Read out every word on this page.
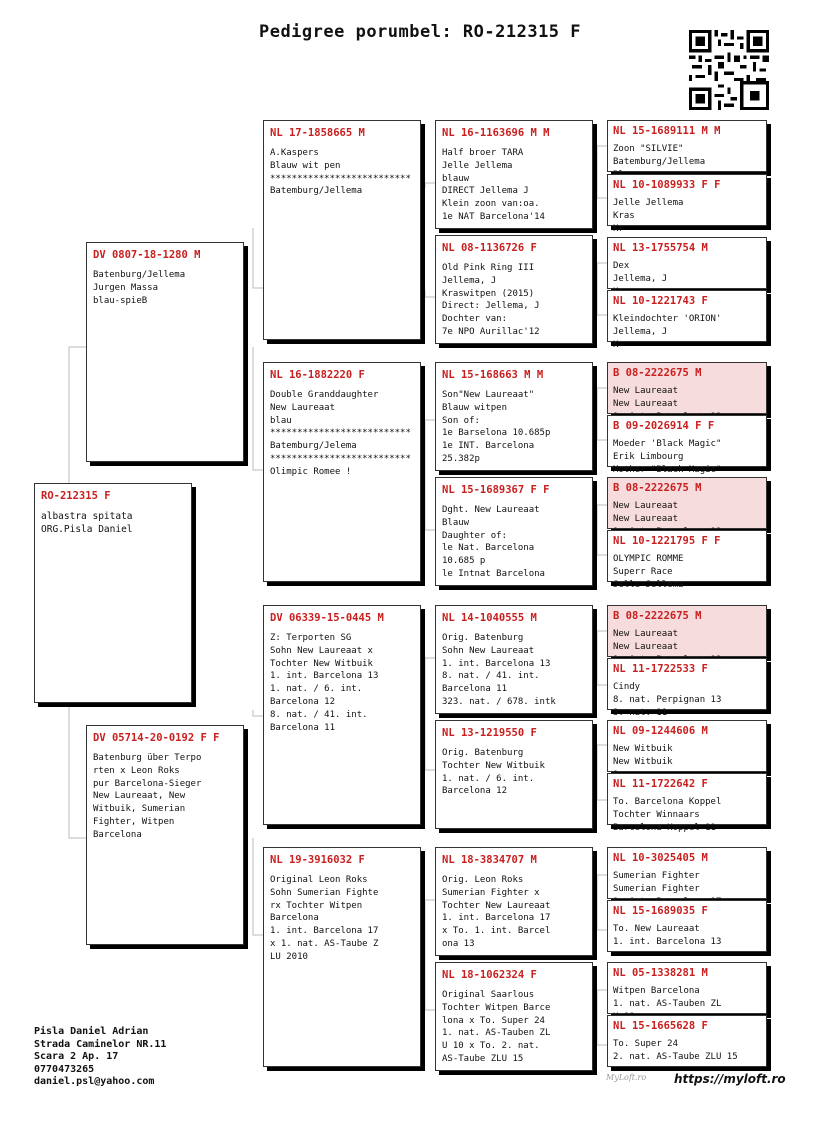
Pedigree porumbel: RO-212315 F
RO-212315 F
albastra spitata
ORG.Pisla Daniel
DV 0807-18-1280 M
Batenburg/Jellema
Jurgen Massa
blau-spieB
DV 05714-20-0192 F F
Batenburg über Terpo
rten x Leon Roks
pur Barcelona-Sieger
New Laureaat, New
Witbuik, Sumerian
Fighter, Witpen
Barcelona
NL 17-1858665 M
A.Kaspers
Blauw wit pen
**************************
Batemburg/Jellema
NL 16-1882220 F
Double Granddaughter
New Laureaat
blau
**************************
Batemburg/Jelema
**************************
Olimpic Romee !
DV 06339-15-0445 M
Z: Terporten SG
Sohn New Laureaat x
Tochter New Witbuik
1. int. Barcelona 13
1. nat. / 6. int.
Barcelona 12
8. nat. / 41. int.
Barcelona 11
NL 19-3916032 F
Original Leon Roks
Sohn Sumerian Fighte
rx Tochter Witpen
Barcelona
1. int. Barcelona 17
x 1. nat. AS-Taube Z
LU 2010
NL 16-1163696 M M
Half broer TARA
Jelle Jellema
blauw
DIRECT Jellema J
Klein zoon van:oa.
1e NAT Barcelona'14
NL 08-1136726 F
Old Pink Ring III
Jellema, J
Kraswitpen (2015)
Direct: Jellema, J
Dochter van:
7e NPO Aurillac'12
NL 15-168663 M M
Son"New Laureaat"
Blauw witpen
Son of:
1e Barselona 10.685p
1e INT. Barcelona
25.382p
NL 15-1689367 F F
Dght. New Laureaat
Blauw
Daughter of:
le Nat. Barcelona
10.685 p
le Intnat Barcelona
NL 14-1040555 M
Orig. Batenburg
Sohn New Laureaat
1. int. Barcelona 13
8. nat. / 41. int.
Barcelona 11
323. nat. / 678. intk
NL 13-1219550 F
Orig. Batenburg
Tochter New Witbuik
1. nat. / 6. int.
Barcelona 12
NL 18-3834707 M
Orig. Leon Roks
Sumerian Fighter x
Tochter New Laureaat
1. int. Barcelona 17
x To. 1. int. Barcel
ona 13
NL 18-1062324 F
Original Saarlous
Tochter Witpen Barce
lona x To. Super 24
1. nat. AS-Tauben ZL
U 10 x To. 2. nat.
AS-Taube ZLU 15
NL 15-1689111 M M
Zoon "SILVIE"
Batemburg/Jellema
NL 10-1089933 F F
Jelle Jellema
Kras
Kr
NL 13-1755754 M
Dex
Jellema, J
NL 10-1221743 F
Kleindochter 'ORION'
Jellema, J
K
B 08-2222675 M
New Laureaat
New Laureaat
B 09-2026914 F F
Moeder 'Black Magic"
Erik Limbourg
Mother "Black Magic"
B 08-2222675 M
New Laureaat
New Laureaat
NL 10-1221795 F F
OLYMPIC ROMME
Superr Race
Jelle Jellema
B 08-2222675 M
New Laureaat
New Laureaat
NL 11-1722533 F
Cindy
8. nat. Perpignan 13
3. nat. 11
NL 09-1244606 M
New Witbuik
New Witbuik
NL 11-1722642 F
To. Barcelona Koppel
Tochter Winnaars
Barcelona Koppel 11
NL 10-3025405 M
Sumerian Fighter
Sumerian Fighter
NL 15-1689035 F
To. New Laureaat
1. int. Barcelona 13
NL 05-1338281 M
Witpen Barcelona
1. nat. AS-Tauben ZL
NL 15-1665628 F
To. Super 24
2. nat. AS-Taube ZLU 15
Pisla Daniel Adrian
Strada Caminelor NR.11
Scara 2 Ap. 17
0770473265
daniel.psl@yahoo.com	MyLoft.ro https://myloft.ro
